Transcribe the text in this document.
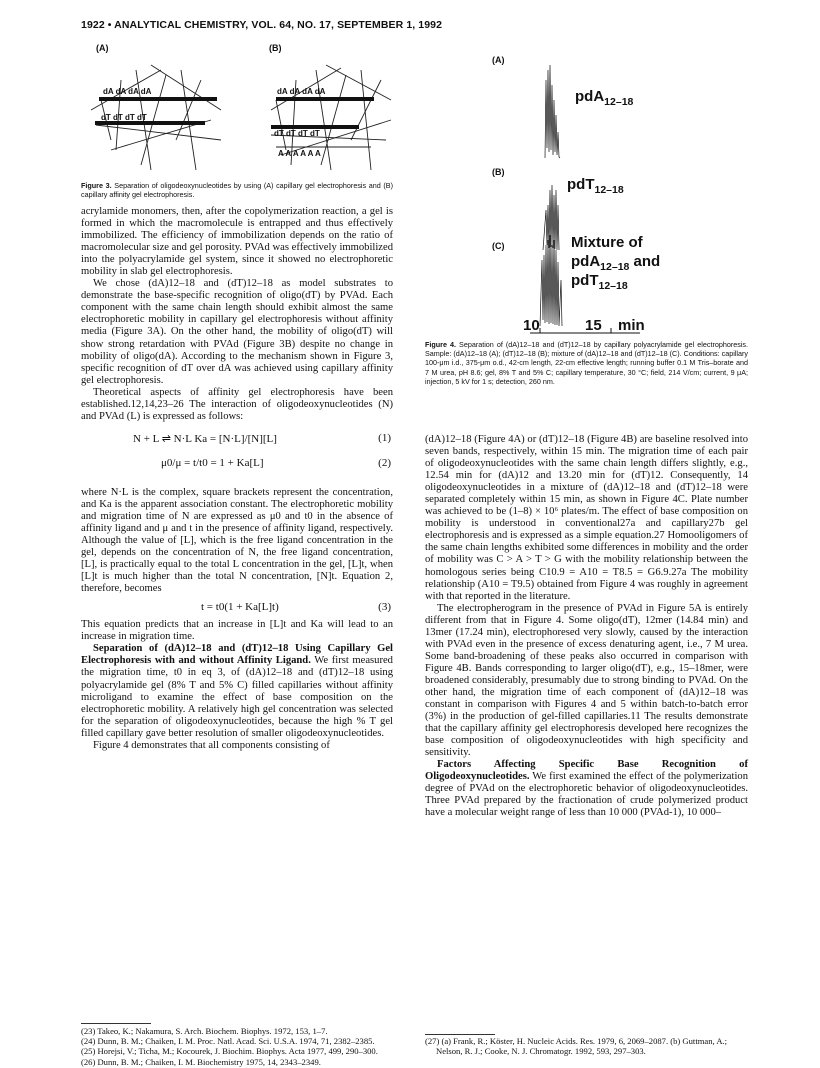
1922 • ANALYTICAL CHEMISTRY, VOL. 64, NO. 17, SEPTEMBER 1, 1992
(A)	(B)
dA dA dA dA
dT dT dT dT
dA dA dA dA
dT dT dT dT
A A A A A A
Figure 3. Separation of oligodeoxynucleotides by using (A) capillary gel electrophoresis and (B) capillary affinity gel electrophoresis.

acrylamide monomers, then, after the copolymerization reaction, a gel is formed in which the macromolecule is entrapped and thus effectively immobilized. The efficiency of immobilization depends on the ratio of macromolecular size and gel porosity. PVAd was effectively immobilized into the polyacrylamide gel system, since it showed no electrophoretic mobility in slab gel electrophoresis.

We chose (dA)12–18 and (dT)12–18 as model substrates to demonstrate the base-specific recognition of oligo(dT) by PVAd. Each component with the same chain length should exhibit almost the same electrophoretic mobility in capillary gel electrophoresis without affinity media (Figure 3A). On the other hand, the mobility of oligo(dT) will show strong retardation with PVAd (Figure 3B) despite no change in mobility of oligo(dA). According to the mechanism shown in Figure 3, specific recognition of dT over dA was achieved using capillary affinity gel electrophoresis.

Theoretical aspects of affinity gel electrophoresis have been established.12,14,23–26 The interaction of oligodeoxynucleotides (N) and PVAd (L) is expressed as follows:

N + L ⇌ N·L Ka = [N·L]/[N][L]	(1)
μ0/μ = t/t0 = 1 + Ka[L]	(2)

where N·L is the complex, square brackets represent the concentration, and Ka is the apparent association constant. The electrophoretic mobility and migration time of N are expressed as μ0 and t0 in the absence of affinity ligand and μ and t in the presence of affinity ligand, respectively. Although the value of [L], which is the free ligand concentration in the gel, depends on the concentration of N, the free ligand concentration, [L], is practically equal to the total L concentration in the gel, [L]t, when [L]t is much higher than the total N concentration, [N]t. Equation 2, therefore, becomes

t = t0(1 + Ka[L]t)	(3)

This equation predicts that an increase in [L]t and Ka will lead to an increase in migration time.

Separation of (dA)12–18 and (dT)12–18 Using Capillary Gel Electrophoresis with and without Affinity Ligand. We first measured the migration time, t0 in eq 3, of (dA)12–18 and (dT)12–18 using polyacrylamide gel (8% T and 5% C) filled capillaries without affinity microligand to examine the effect of base composition on the electrophoretic mobility. A relatively high gel concentration was selected for the separation of oligodeoxynucleotides, because the high % T gel filled capillary gave better resolution of smaller oligodeoxynucleotides.

Figure 4 demonstrates that all components consisting of

(23) Takeo, K.; Nakamura, S. Arch. Biochem. Biophys. 1972, 153, 1–7.
(24) Dunn, B. M.; Chaiken, I. M. Proc. Natl. Acad. Sci. U.S.A. 1974, 71, 2382–2385.
(25) Horejsi, V.; Ticha, M.; Kocourek, J. Biochim. Biophys. Acta 1977, 499, 290–300.
(26) Dunn, B. M.; Chaiken, I. M. Biochemistry 1975, 14, 2343–2349.
(A)
(B)
(C)
pdA$_{12-18}$
pdT$_{12-18}$
Mixture of
pdA$_{12-18}$ and
pdT$_{12-18}$
10	15 min
Figure 4. Separation of (dA)12–18 and (dT)12–18 by capillary polyacrylamide gel electrophoresis. Sample: (dA)12–18 (A); (dT)12–18 (B); mixture of (dA)12–18 and (dT)12–18 (C). Conditions: capillary 100-μm i.d., 375-μm o.d., 42-cm length, 22-cm effective length; running buffer 0.1 M Tris–borate and 7 M urea, pH 8.6; gel, 8% T and 5% C; capillary temperature, 30 °C; field, 214 V/cm; current, 9 μA; injection, 5 kV for 1 s; detection, 260 nm.

(dA)12–18 (Figure 4A) or (dT)12–18 (Figure 4B) are baseline resolved into seven bands, respectively, within 15 min. The migration time of each pair of oligodeoxynucleotides with the same chain length differs slightly, e.g., 12.54 min for (dA)12 and 13.20 min for (dT)12. Consequently, 14 oligodeoxynucleotides in a mixture of (dA)12–18 and (dT)12–18 were separated completely within 15 min, as shown in Figure 4C. Plate number was achieved to be (1–8) × 10⁶ plates/m. The effect of base composition on mobility is understood in conventional27a and capillary27b gel electrophoresis and is expressed as a simple equation.27 Homooligomers of the same chain lengths exhibited some differences in mobility and the order of mobility was C > A > T > G with the mobility relationship between the homologous series being C10.9 = A10 = T8.5 = G6.9.27a The mobility relationship (A10 = T9.5) obtained from Figure 4 was roughly in agreement with that reported in the literature.

The electropherogram in the presence of PVAd in Figure 5A is entirely different from that in Figure 4. Some oligo(dT), 12mer (14.84 min) and 13mer (17.24 min), electrophoresed very slowly, caused by the interaction with PVAd even in the presence of excess denaturing agent, i.e., 7 M urea. Some band-broadening of these peaks also occurred in comparison with Figure 4B. Bands corresponding to larger oligo(dT), e.g., 15–18mer, were broadened considerably, presumably due to strong binding to PVAd. On the other hand, the migration time of each component of (dA)12–18 was constant in comparison with Figures 4 and 5 within batch-to-batch error (3%) in the production of gel-filled capillaries.11 The results demonstrate that the capillary affinity gel electrophoresis developed here recognizes the base composition of oligodeoxynucleotides with high specificity and sensitivity.

Factors Affecting Specific Base Recognition of Oligodeoxynucleotides. We first examined the effect of the polymerization degree of PVAd on the electrophoretic behavior of oligodeoxynucleotides. Three PVAd prepared by the fractionation of crude polymerized product have a molecular weight range of less than 10 000 (PVAd-1), 10 000–

(27) (a) Frank, R.; Köster, H. Nucleic Acids. Res. 1979, 6, 2069–2087. (b) Guttman, A.; Nelson, R. J.; Cooke, N. J. Chromatogr. 1992, 593, 297–303.
